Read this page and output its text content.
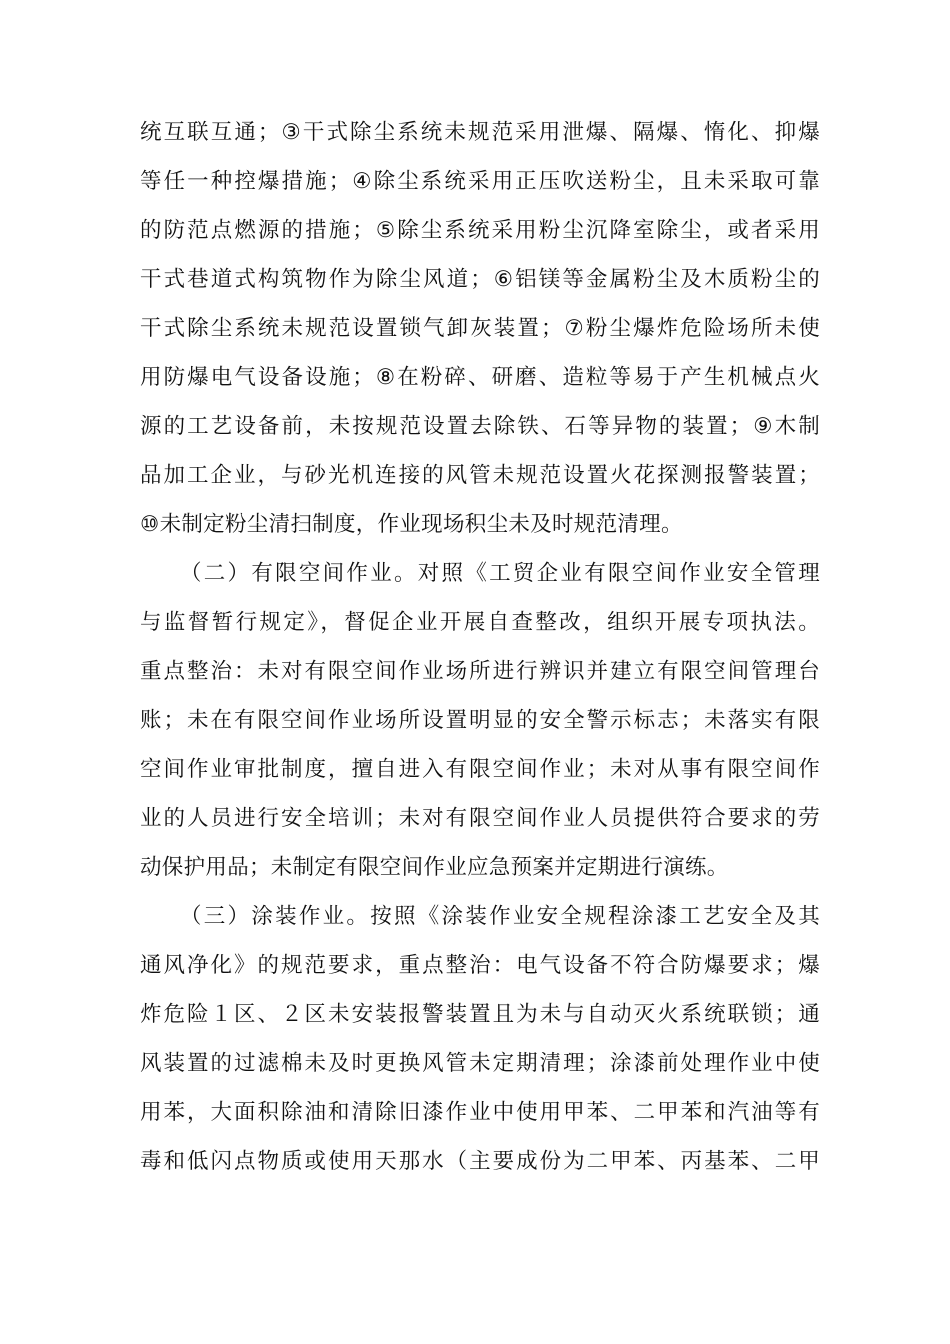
统互联互通；③干式除尘系统未规范采用泄爆、隔爆、惰化、抑爆
等任一种控爆措施；④除尘系统采用正压吹送粉尘，且未采取可靠
的防范点燃源的措施；⑤除尘系统采用粉尘沉降室除尘，或者采用
干式巷道式构筑物作为除尘风道；⑥铝镁等金属粉尘及木质粉尘的
干式除尘系统未规范设置锁气卸灰装置；⑦粉尘爆炸危险场所未使
用防爆电气设备设施；⑧在粉碎、研磨、造粒等易于产生机械点火
源的工艺设备前，未按规范设置去除铁、石等异物的装置；⑨木制
品加工企业，与砂光机连接的风管未规范设置火花探测报警装置；
⑩未制定粉尘清扫制度，作业现场积尘未及时规范清理。
（二）有限空间作业。对照《工贸企业有限空间作业安全管理
与监督暂行规定》，督促企业开展自查整改，组织开展专项执法。
重点整治：未对有限空间作业场所进行辨识并建立有限空间管理台
账；未在有限空间作业场所设置明显的安全警示标志；未落实有限
空间作业审批制度，擅自进入有限空间作业；未对从事有限空间作
业的人员进行安全培训；未对有限空间作业人员提供符合要求的劳
动保护用品；未制定有限空间作业应急预案并定期进行演练。
（三）涂装作业。按照《涂装作业安全规程涂漆工艺安全及其
通风净化》的规范要求，重点整治：电气设备不符合防爆要求；爆
炸危险１区、２区未安装报警装置且为未与自动灭火系统联锁；通
风装置的过滤棉未及时更换风管未定期清理；涂漆前处理作业中使
用苯，大面积除油和清除旧漆作业中使用甲苯、二甲苯和汽油等有
毒和低闪点物质或使用天那水（主要成份为二甲苯、丙基苯、二甲
